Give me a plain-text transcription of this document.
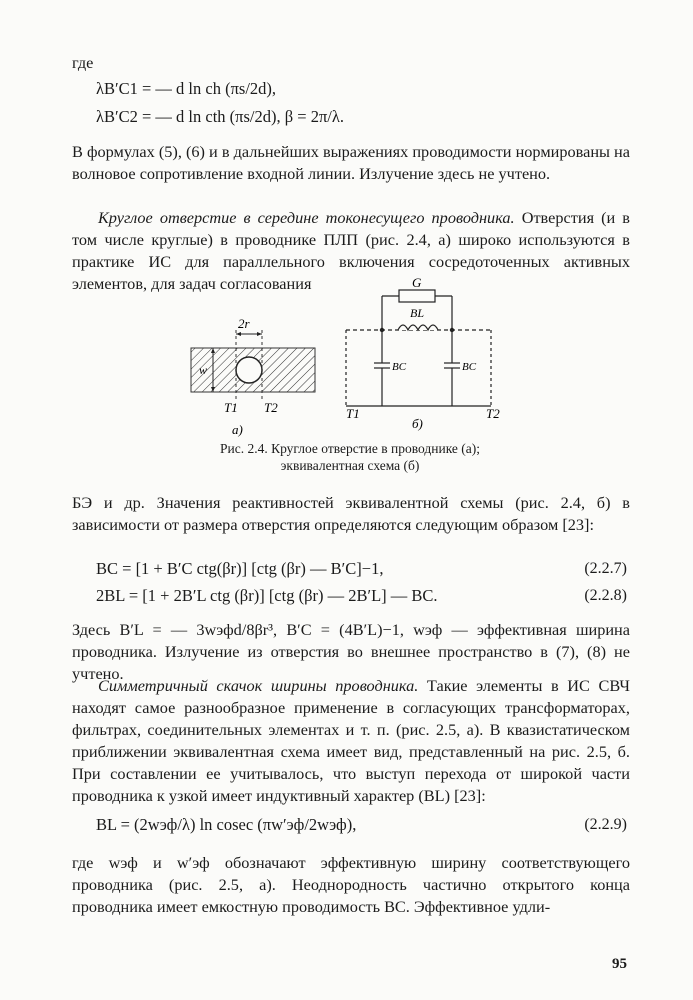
где
λB′C1 = — d ln ch (πs/2d),
λB′C2 = — d ln cth (πs/2d), β = 2π/λ.
В формулах (5), (6) и в дальнейших выражениях проводимости нормированы на волновое сопротивление входной линии. Излучение здесь не учтено.
Круглое отверстие в середине токонесущего проводника. Отверстия (и в том числе круглые) в проводнике ПЛП (рис. 2.4, а) широко используются в практике ИС для параллельного включения сосредоточенных активных элементов, для задач согласования
2r
w
T1 T2
а)
G
BL
BC	BC
T1	T2
б)
Рис. 2.4. Круглое отверстие в проводнике (а);
эквивалентная схема (б)
БЭ и др. Значения реактивностей эквивалентной схемы (рис. 2.4, б) в зависимости от размера отверстия определяются следующим образом [23]:
BC = [1 + B′C ctg(βr)] [ctg (βr) — B′C]−1,	(2.2.7)
2BL = [1 + 2B′L ctg (βr)] [ctg (βr) — 2B′L] — BC.	(2.2.8)
Здесь B′L = — 3wэфd/8βr³, B′C = (4B′L)−1, wэф — эффективная ширина проводника. Излучение из отверстия во внешнее пространство в (7), (8) не учтено.
Симметричный скачок ширины проводника. Такие элементы в ИС СВЧ находят самое разнообразное применение в согласующих трансформаторах, фильтрах, соединительных элементах и т. п. (рис. 2.5, а). В квазистатическом приближении эквивалентная схема имеет вид, представленный на рис. 2.5, б. При составлении ее учитывалось, что выступ перехода от широкой части проводника к узкой имеет индуктивный характер (BL) [23]:
BL = (2wэф/λ) ln cosec (πw′эф/2wэф),	(2.2.9)
где wэф и w′эф обозначают эффективную ширину соответствующего проводника (рис. 2.5, а). Неоднородность частично открытого конца проводника имеет емкостную проводимость BC. Эффективное удли-
95
